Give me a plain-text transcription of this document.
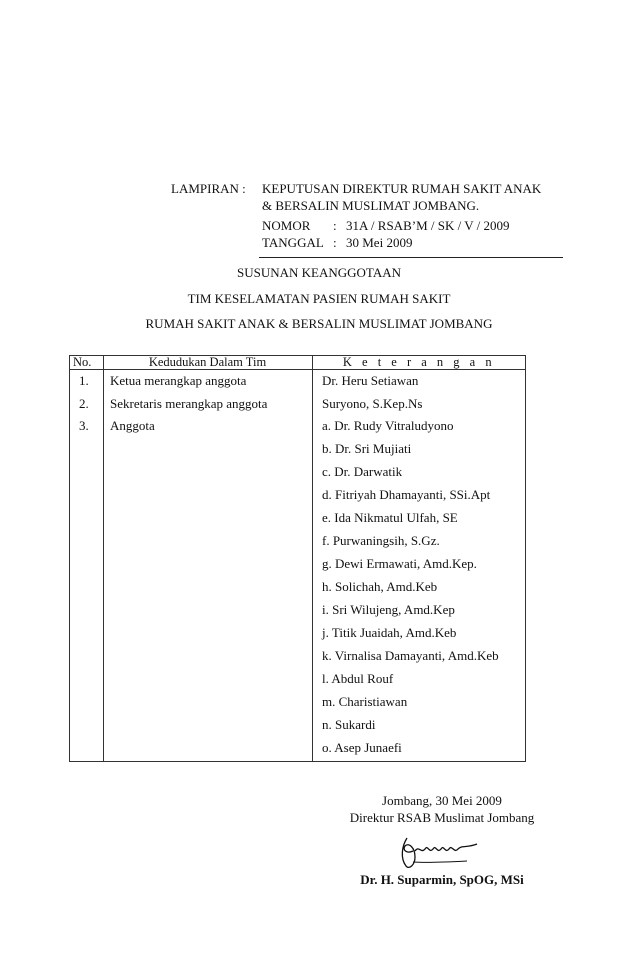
LAMPIRAN : KEPUTUSAN DIREKTUR RUMAH SAKIT ANAK
& BERSALIN MUSLIMAT JOMBANG.
NOMOR : 31A / RSAB’M / SK / V / 2009
TANGGAL : 30 Mei 2009
SUSUNAN KEANGGOTAAN
TIM KESELAMATAN PASIEN RUMAH SAKIT
RUMAH SAKIT ANAK & BERSALIN MUSLIMAT JOMBANG
No.	Kedudukan Dalam Tim	K e t e r a n g a n
1. Ketua merangkap anggota
2. Sekretaris merangkap anggota
3. Anggota
Dr. Heru Setiawan
Suryono, S.Kep.Ns
a. Dr. Rudy Vitraludyono
b. Dr. Sri Mujiati
c. Dr. Darwatik
d. Fitriyah Dhamayanti, SSi.Apt
e. Ida Nikmatul Ulfah, SE
f. Purwaningsih, S.Gz.
g. Dewi Ermawati, Amd.Kep.
h. Solichah, Amd.Keb
i. Sri Wilujeng, Amd.Kep
j. Titik Juaidah, Amd.Keb
k. Virnalisa Damayanti, Amd.Keb
l. Abdul Rouf
m. Charistiawan
n. Sukardi
o. Asep Junaefi
Jombang, 30 Mei 2009
Direktur RSAB Muslimat Jombang
Dr. H. Suparmin, SpOG, MSi
